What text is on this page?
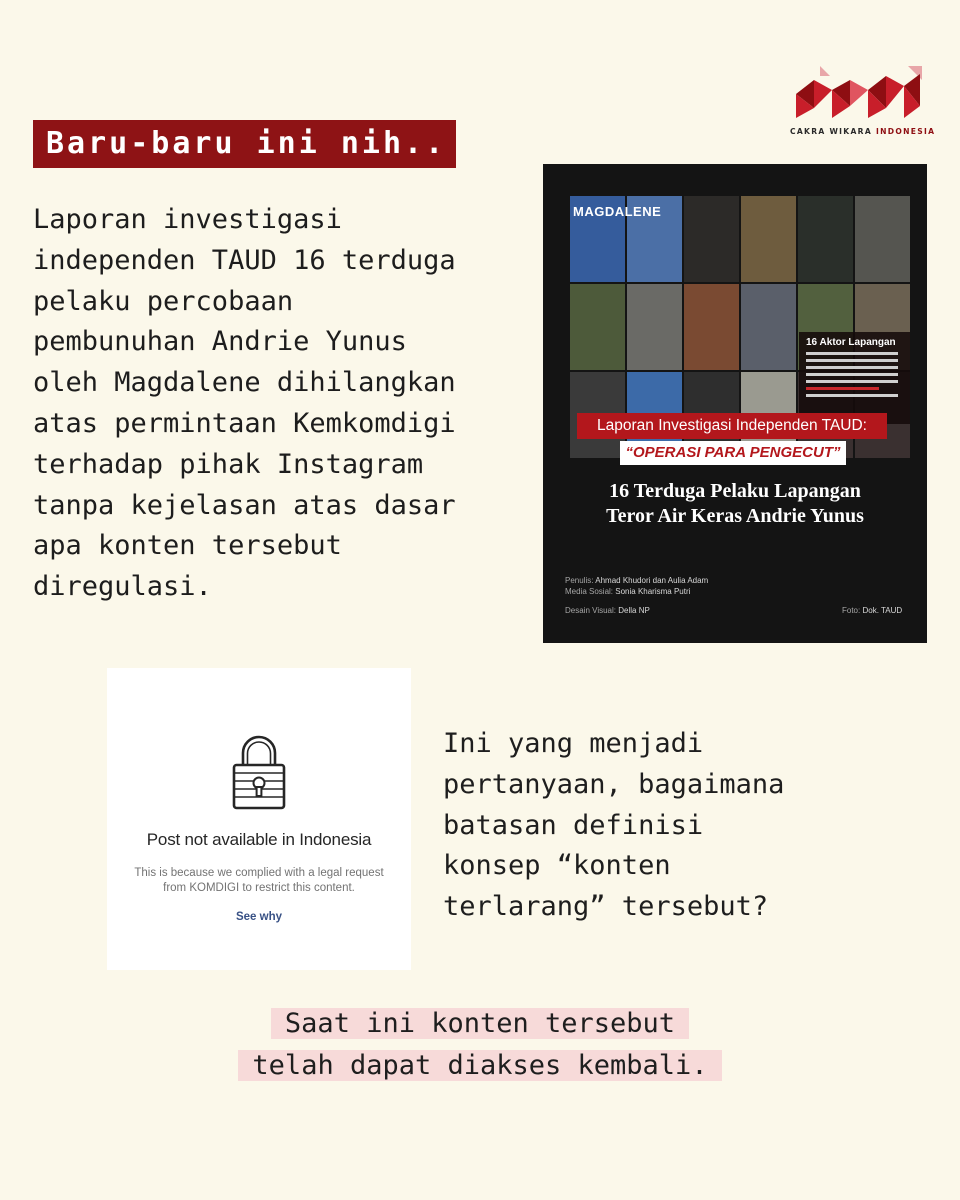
CAKRA WIKARA INDONESIA
Baru-baru ini nih..

Laporan investigasi
independen TAUD 16 terduga
pelaku percobaan
pembunuhan Andrie Yunus
oleh Magdalene dihilangkan
atas permintaan Kemkomdigi
terhadap pihak Instagram
tanpa kejelasan atas dasar
apa konten tersebut
diregulasi.

MAGDALENE
16 Aktor Lapangan
Laporan Investigasi Independen TAUD:
“OPERASI PARA PENGECUT”
16 Terduga Pelaku Lapangan
Teror Air Keras Andrie Yunus
Penulis: Ahmad Khudori dan Aulia Adam
Media Sosial: Sonia Kharisma Putri
Desain Visual: Della NP	Foto: Dok. TAUD
Post not available in Indonesia
This is because we complied with a legal request from KOMDIGI to restrict this content.
See why

Ini yang menjadi
pertanyaan, bagaimana
batasan definisi
konsep “konten
terlarang” tersebut?

Saat ini konten tersebut
telah dapat diakses kembali.
